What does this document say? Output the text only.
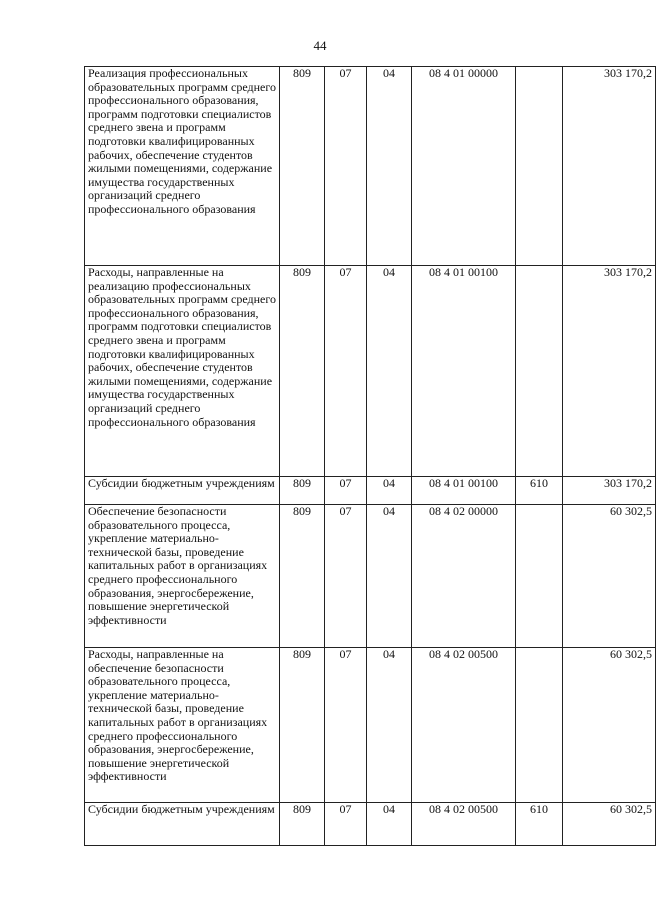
44
Реализация профессиональных образовательных программ среднего профессионального образования, программ подготовки специалистов среднего звена и программ подготовки квалифицированных рабочих, обеспечение студентов жилыми помещениями, содержание имущества государственных организаций среднего профессионального образования	809	07	04	08 4 01 00000		303 170,2
Расходы, направленные на реализацию профессиональных образовательных программ среднего профессионального образования, программ подготовки специалистов среднего звена и программ подготовки квалифицированных рабочих, обеспечение студентов жилыми помещениями, содержание имущества государственных организаций среднего профессионального образования	809	07	04	08 4 01 00100		303 170,2
Субсидии бюджетным учреждениям	809	07	04	08 4 01 00100	610	303 170,2
Обеспечение безопасности образовательного процесса, укрепление материально-технической базы, проведение капитальных работ в организациях среднего профессионального образования, энергосбережение, повышение энергетической эффективности	809	07	04	08 4 02 00000		60 302,5
Расходы, направленные на обеспечение безопасности образовательного процесса, укрепление материально-технической базы, проведение капитальных работ в организациях среднего профессионального образования, энергосбережение, повышение энергетической эффективности	809	07	04	08 4 02 00500		60 302,5
Субсидии бюджетным учреждениям	809	07	04	08 4 02 00500	610	60 302,5
